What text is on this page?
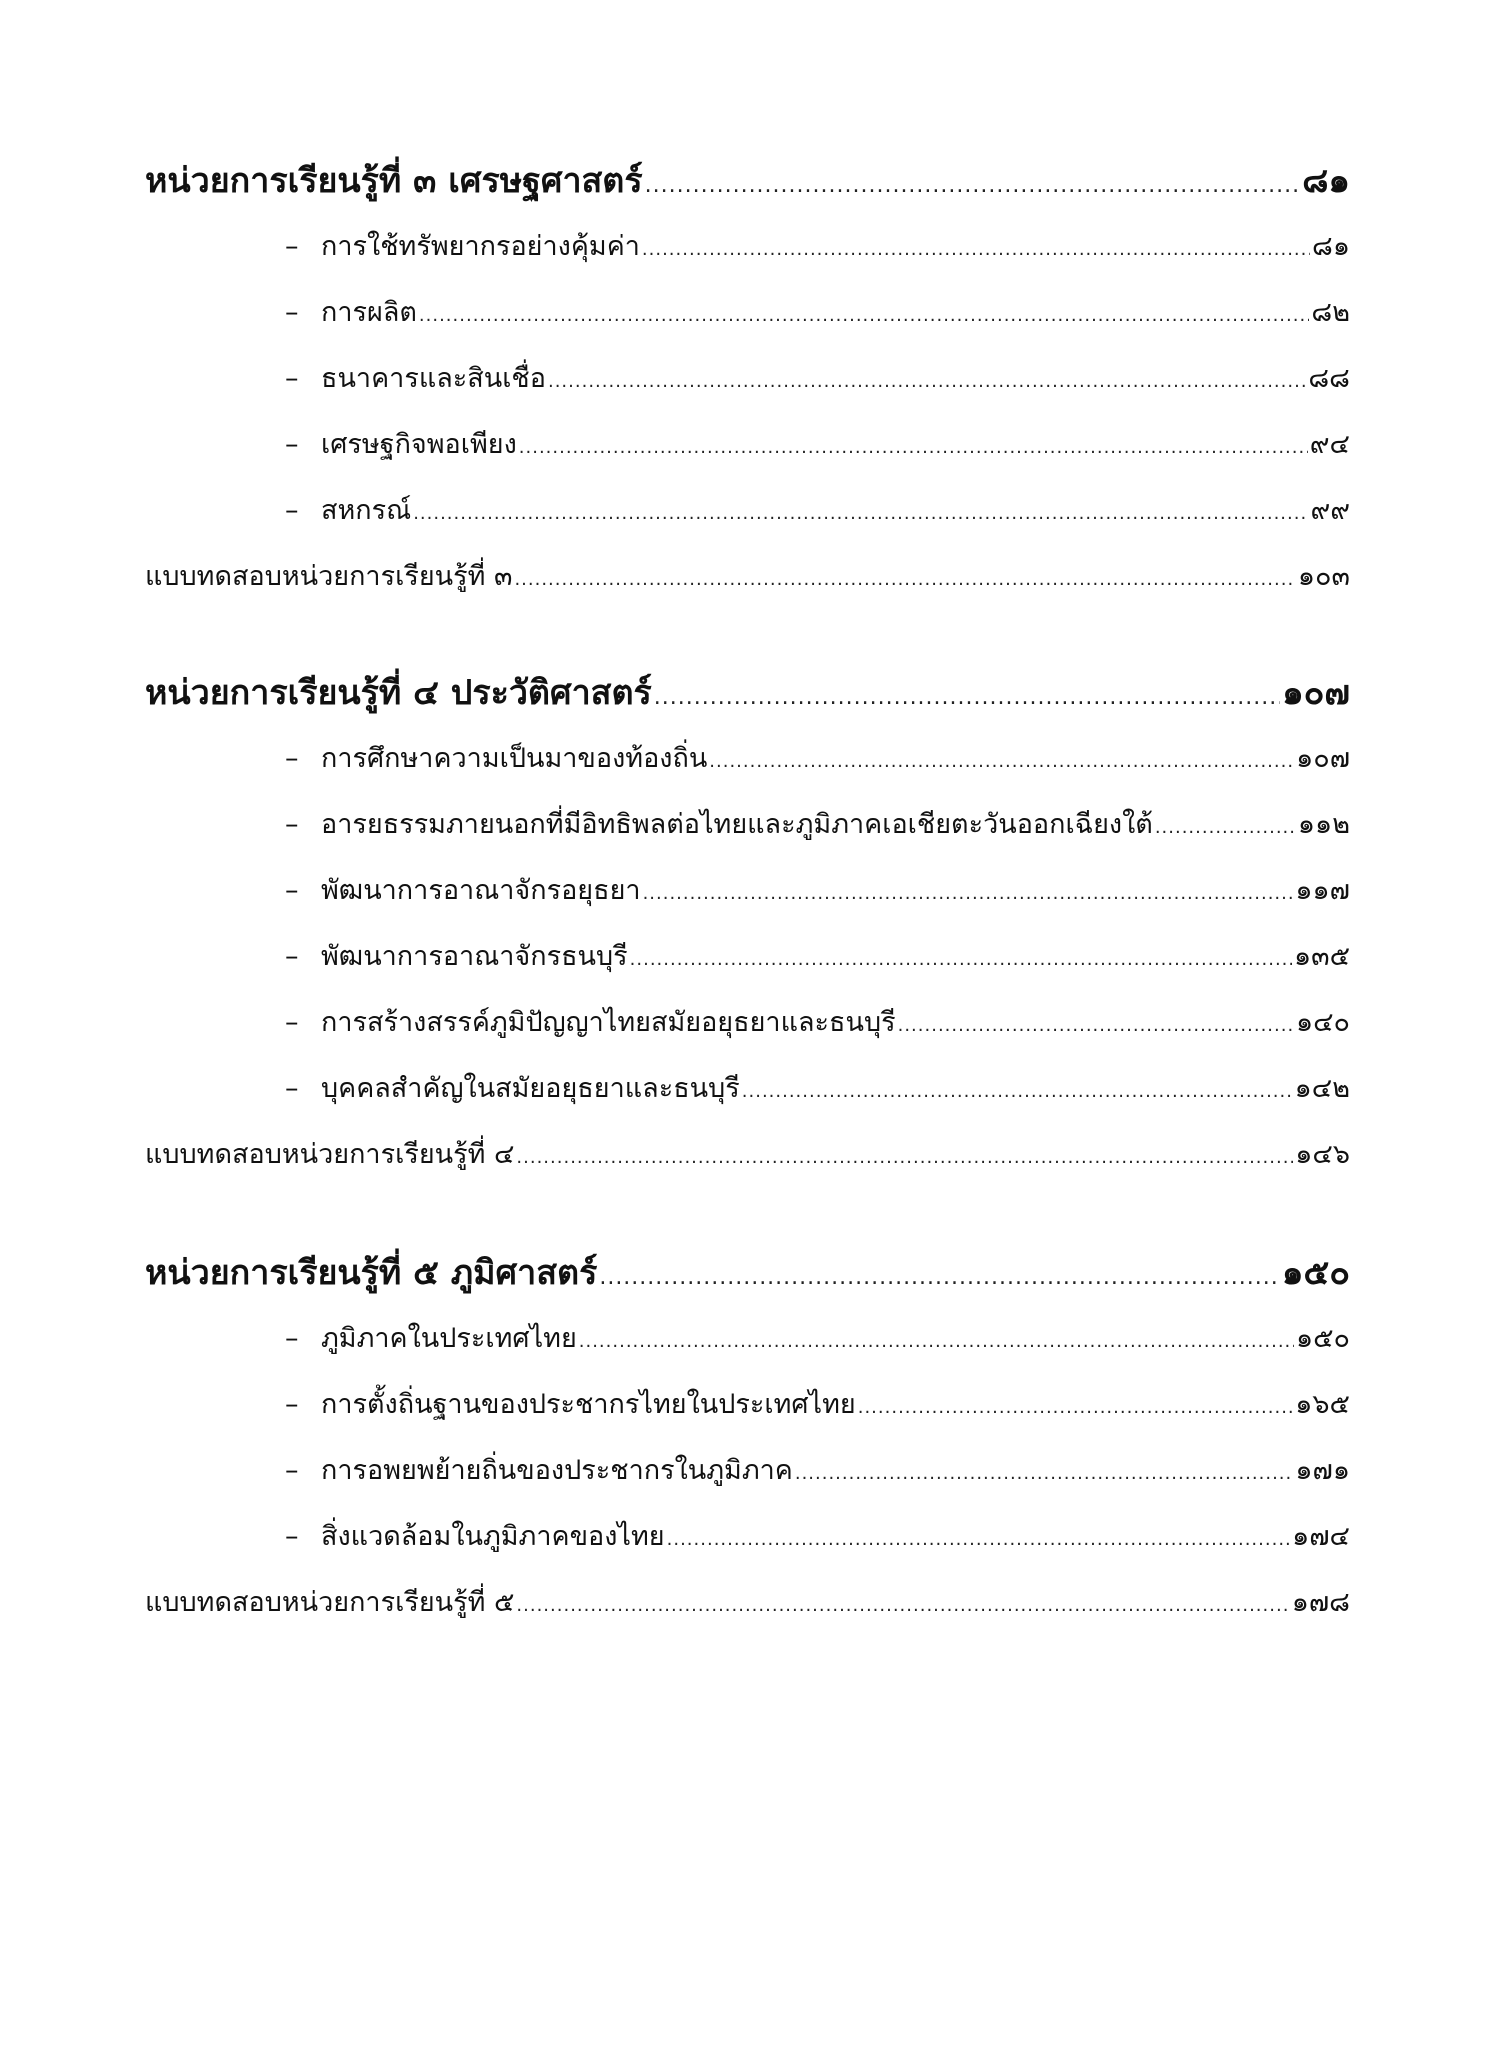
หน่วยการเรียนรู้ที่ ๓ เศรษฐศาสตร์ .....	๘๑
– การใช้ทรัพยากรอย่างคุ้มค่า .....	๘๑
– การผลิต .....	๘๒
– ธนาคารและสินเชื่อ .....	๘๘
– เศรษฐกิจพอเพียง .....	๙๔
– สหกรณ์ .....	๙๙
แบบทดสอบหน่วยการเรียนรู้ที่ ๓ .....	๑๐๓
หน่วยการเรียนรู้ที่ ๔ ประวัติศาสตร์ .....	๑๐๗
– การศึกษาความเป็นมาของท้องถิ่น .....	๑๐๗
– อารยธรรมภายนอกที่มีอิทธิพลต่อไทยและภูมิภาคเอเชียตะวันออกเฉียงใต้ .....	๑๑๒
– พัฒนาการอาณาจักรอยุธยา .....	๑๑๗
– พัฒนาการอาณาจักรธนบุรี .....	๑๓๕
– การสร้างสรรค์ภูมิปัญญาไทยสมัยอยุธยาและธนบุรี .....	๑๔๐
– บุคคลสำคัญในสมัยอยุธยาและธนบุรี .....	๑๔๒
แบบทดสอบหน่วยการเรียนรู้ที่ ๔ .....	๑๔๖
หน่วยการเรียนรู้ที่ ๕ ภูมิศาสตร์ .....	๑๕๐
– ภูมิภาคในประเทศไทย .....	๑๕๐
– การตั้งถิ่นฐานของประชากรไทยในประเทศไทย .....	๑๖๕
– การอพยพย้ายถิ่นของประชากรในภูมิภาค .....	๑๗๑
– สิ่งแวดล้อมในภูมิภาคของไทย .....	๑๗๔
แบบทดสอบหน่วยการเรียนรู้ที่ ๕ .....	๑๗๘
